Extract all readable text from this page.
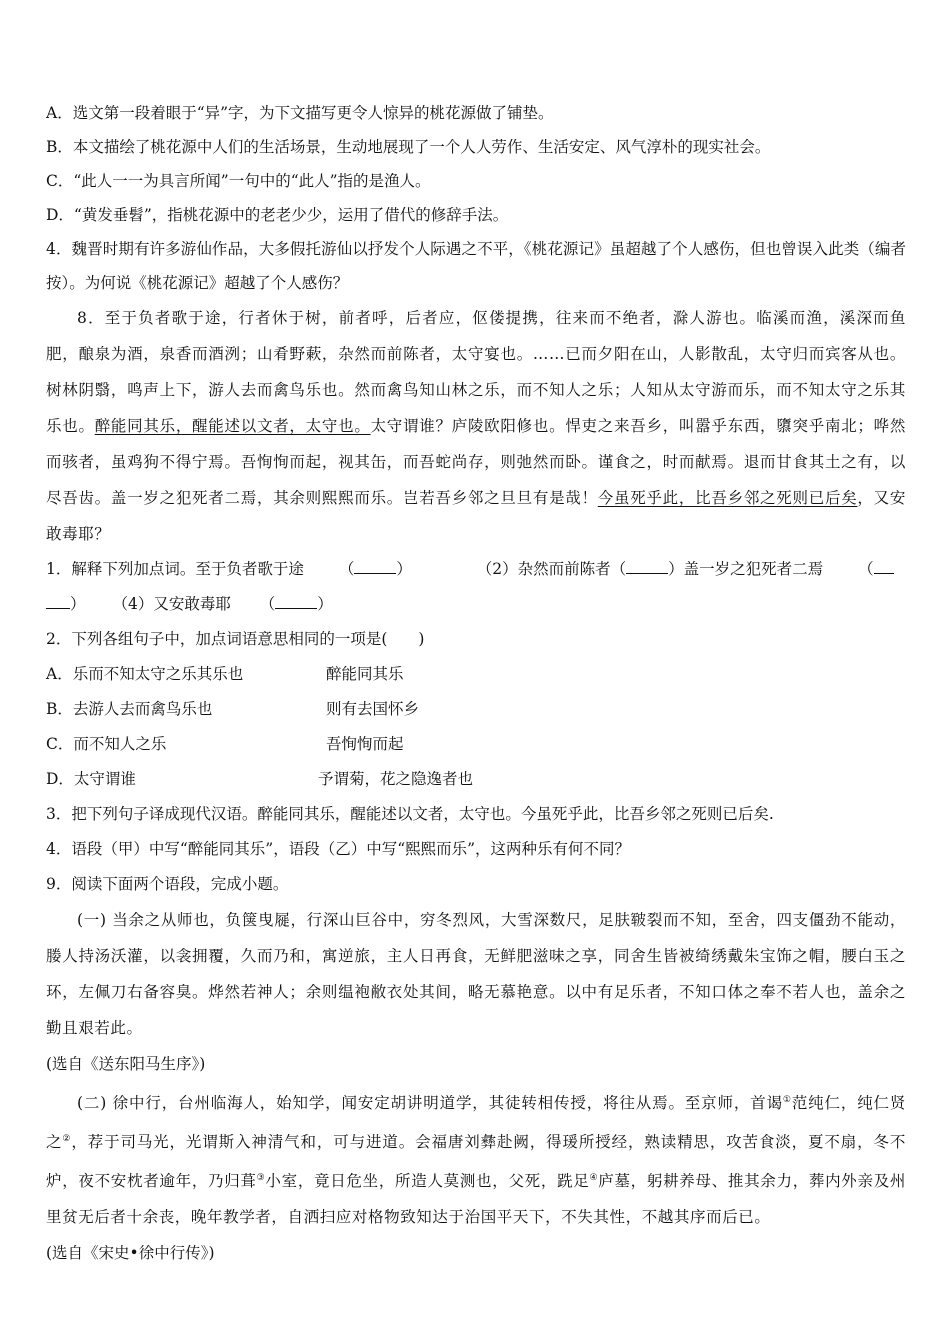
A．选文第一段着眼于“异”字，为下文描写更令人惊异的桃花源做了铺垫。
B．本文描绘了桃花源中人们的生活场景，生动地展现了一个人人劳作、生活安定、风气淳朴的现实社会。
C．“此人一一为具言所闻”一句中的“此人”指的是渔人。
D．“黄发垂髫”，指桃花源中的老老少少，运用了借代的修辞手法。
4．魏晋时期有许多游仙作品，大多假托游仙以抒发个人际遇之不平，《桃花源记》虽超越了个人感伤，但也曾误入此类（编者按）。为何说《桃花源记》超越了个人感伤？
8．至于负者歌于途，行者休于树，前者呼，后者应，伛偻提携，往来而不绝者，滁人游也。临溪而渔，溪深而鱼肥，酿泉为酒，泉香而酒洌；山肴野蔌，杂然而前陈者，太守宴也。……已而夕阳在山，人影散乱，太守归而宾客从也。树林阴翳，鸣声上下，游人去而禽鸟乐也。然而禽鸟知山林之乐，而不知人之乐；人知从太守游而乐，而不知太守之乐其乐也。醉能同其乐，醒能述以文者，太守也。太守谓谁？庐陵欧阳修也。悍吏之来吾乡，叫嚣乎东西，隳突乎南北；哗然而骇者，虽鸡狗不得宁焉。吾恂恂而起，视其缶，而吾蛇尚存，则弛然而卧。谨食之，时而献焉。退而甘食其土之有，以尽吾齿。盖一岁之犯死者二焉，其余则熙熙而乐。岂若吾乡邻之旦旦有是哉！今虽死乎此，比吾乡邻之死则已后矣，又安敢毒耶？
1．解释下列加点词。至于负者歌于途 （	）	（2）杂然而前陈者（	）盖一岁之犯死者二焉 （
） （4）又安敢毒耶 （	）
2．下列各组句子中，加点词语意思相同的一项是(　　)
A．乐而不知太守之乐其乐也	醉能同其乐
B．去游人去而禽鸟乐也	则有去国怀乡
C．而不知人之乐	吾恂恂而起
D．太守谓谁	予谓菊，花之隐逸者也
3．把下列句子译成现代汉语。醉能同其乐，醒能述以文者，太守也。今虽死乎此，比吾乡邻之死则已后矣.
4．语段（甲）中写“醉能同其乐”，语段（乙）中写“熙熙而乐”，这两种乐有何不同？
9．阅读下面两个语段，完成小题。
(一) 当余之从师也，负箧曳屣，行深山巨谷中，穷冬烈风，大雪深数尺，足肤皲裂而不知，至舍，四支僵劲不能动，媵人持汤沃灌，以衾拥覆，久而乃和，寓逆旅，主人日再食，无鲜肥滋味之享，同舍生皆被绮绣戴朱宝饰之帽，腰白玉之环，左佩刀右备容臭。烨然若神人；余则缊袍敝衣处其间，略无慕艳意。以中有足乐者，不知口体之奉不若人也，盖余之勤且艰若此。
(选自《送东阳马生序》)
(二) 徐中行，台州临海人，始知学，闻安定胡讲明道学，其徒转相传授，将往从焉。至京师，首谒①范纯仁，纯仁贤之②，荐于司马光，光谓斯入神清气和，可与进道。会福唐刘彝赴阙，得瑗所授经，熟读精思，攻苦食淡，夏不扇，冬不炉，夜不安枕者逾年，乃归葺③小室，竟日危坐，所造人莫测也，父死，跣足④庐墓，躬耕养母、推其余力，葬内外亲及州里贫无后者十余丧，晚年教学者，自洒扫应对格物致知达于治国平天下，不失其性，不越其序而后已。
(选自《宋史•徐中行传》)
